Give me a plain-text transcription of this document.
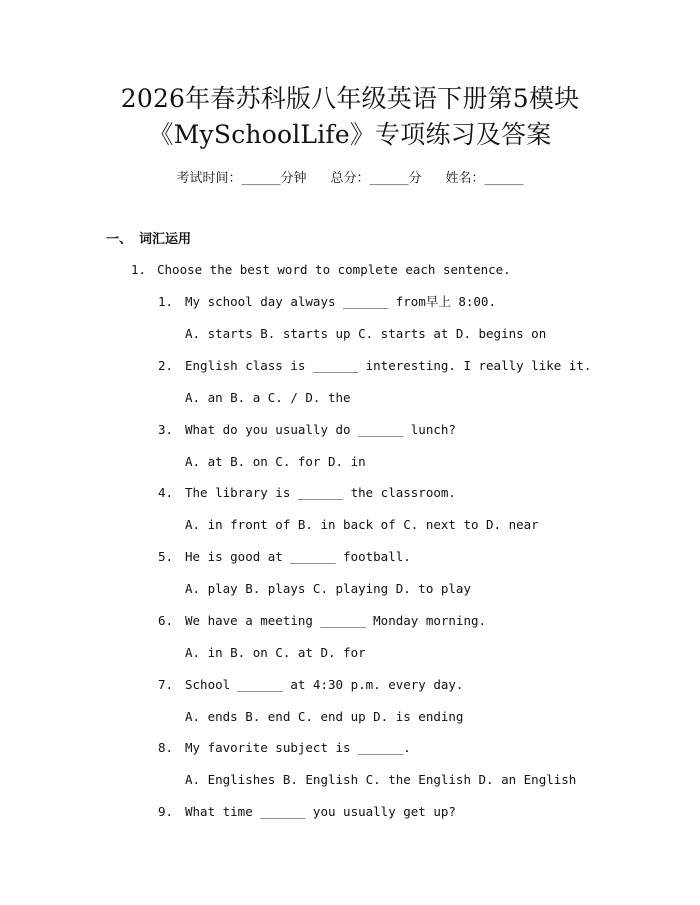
2026年春苏科版八年级英语下册第5模块
《MySchoolLife》专项练习及答案
考试时间：______分钟 总分：______分 姓名：______
一、 词汇运用
1. Choose the best word to complete each sentence.
1. My school day always ______ from早上 8:00.
A. starts B. starts up C. starts at D. begins on
2. English class is ______ interesting. I really like it.
A. an B. a C. / D. the
3. What do you usually do ______ lunch?
A. at B. on C. for D. in
4. The library is ______ the classroom.
A. in front of B. in back of C. next to D. near
5. He is good at ______ football.
A. play B. plays C. playing D. to play
6. We have a meeting ______ Monday morning.
A. in B. on C. at D. for
7. School ______ at 4:30 p.m. every day.
A. ends B. end C. end up D. is ending
8. My favorite subject is ______.
A. Englishes B. English C. the English D. an English
9. What time ______ you usually get up?
